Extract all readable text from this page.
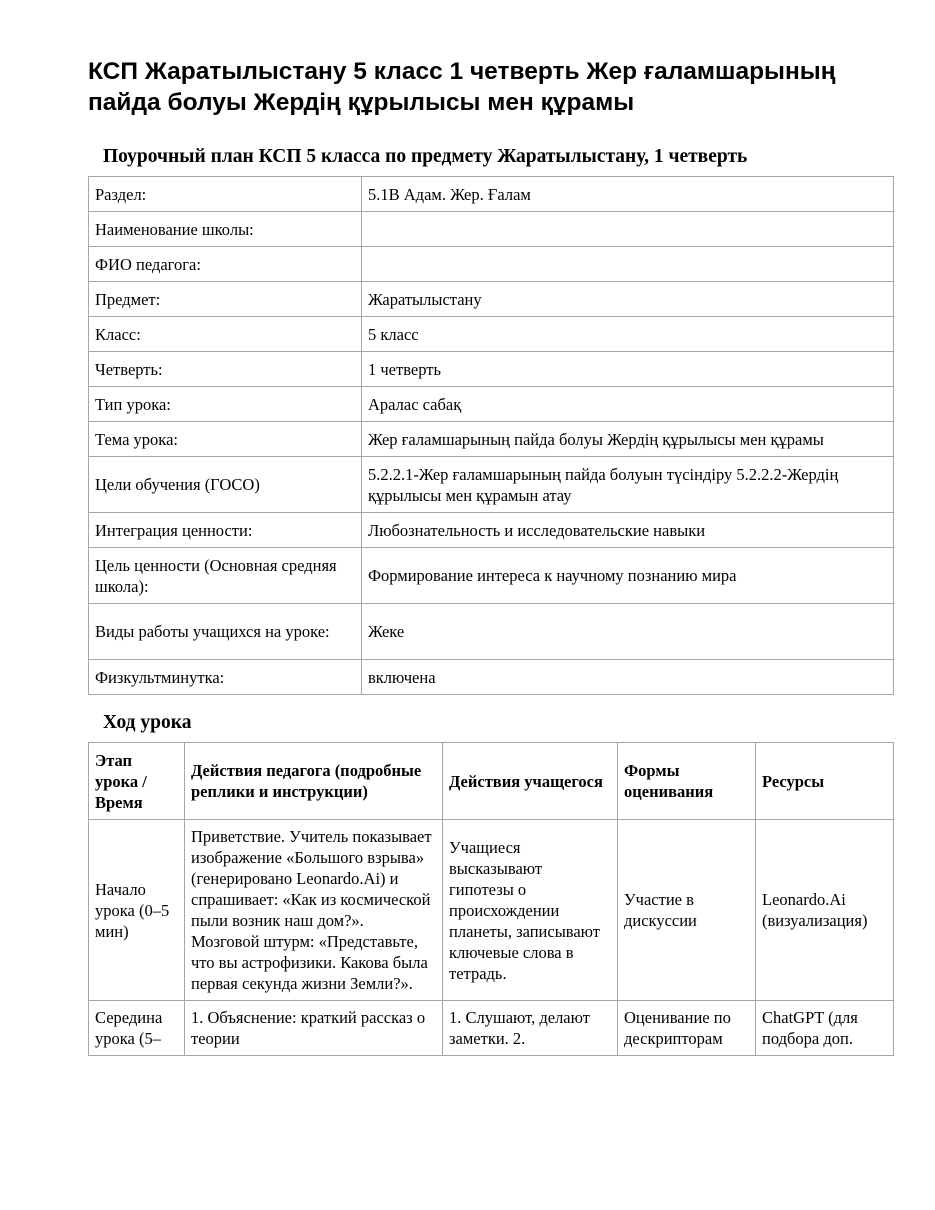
КСП Жаратылыстану 5 класс 1 четверть Жер ғаламшарының пайда болуы Жердің құрылысы мен құрамы
Поурочный план КСП 5 класса по предмету Жаратылыстану, 1 четверть
Раздел:	5.1B Адам. Жер. Ғалам
Наименование школы:	
ФИО педагога:	
Предмет:	Жаратылыстану
Класс:	5 класс
Четверть:	1 четверть
Тип урока:	Аралас сабақ
Тема урока:	Жер ғаламшарының пайда болуы Жердің құрылысы мен құрамы
Цели обучения (ГОСО)	5.2.2.1-Жер ғаламшарының пайда болуын түсіндіру 5.2.2.2-Жердің құрылысы мен құрамын атау
Интеграция ценности:	Любознательность и исследовательские навыки
Цель ценности (Основная средняя школа):	Формирование интереса к научному познанию мира
Виды работы учащихся на уроке:	Жеке
Физкультминутка:	включена
Ход урока
Этап урока / Время	Действия педагога (подробные реплики и инструкции)	Действия учащегося	Формы оценивания	Ресурсы
Начало урока (0–5 мин)	Приветствие. Учитель показывает изображение «Большого взрыва» (генерировано Leonardo.Ai) и спрашивает: «Как из космической пыли возник наш дом?». Мозговой штурм: «Представьте, что вы астрофизики. Какова была первая секунда жизни Земли?».	Учащиеся высказывают гипотезы о происхождении планеты, записывают ключевые слова в тетрадь.	Участие в дискуссии	Leonardo.Ai (визуализация)
Середина урока (5–	1. Объяснение: краткий рассказ о теории	1. Слушают, делают заметки. 2.	Оценивание по дескрипторам	ChatGPT (для подбора доп.
